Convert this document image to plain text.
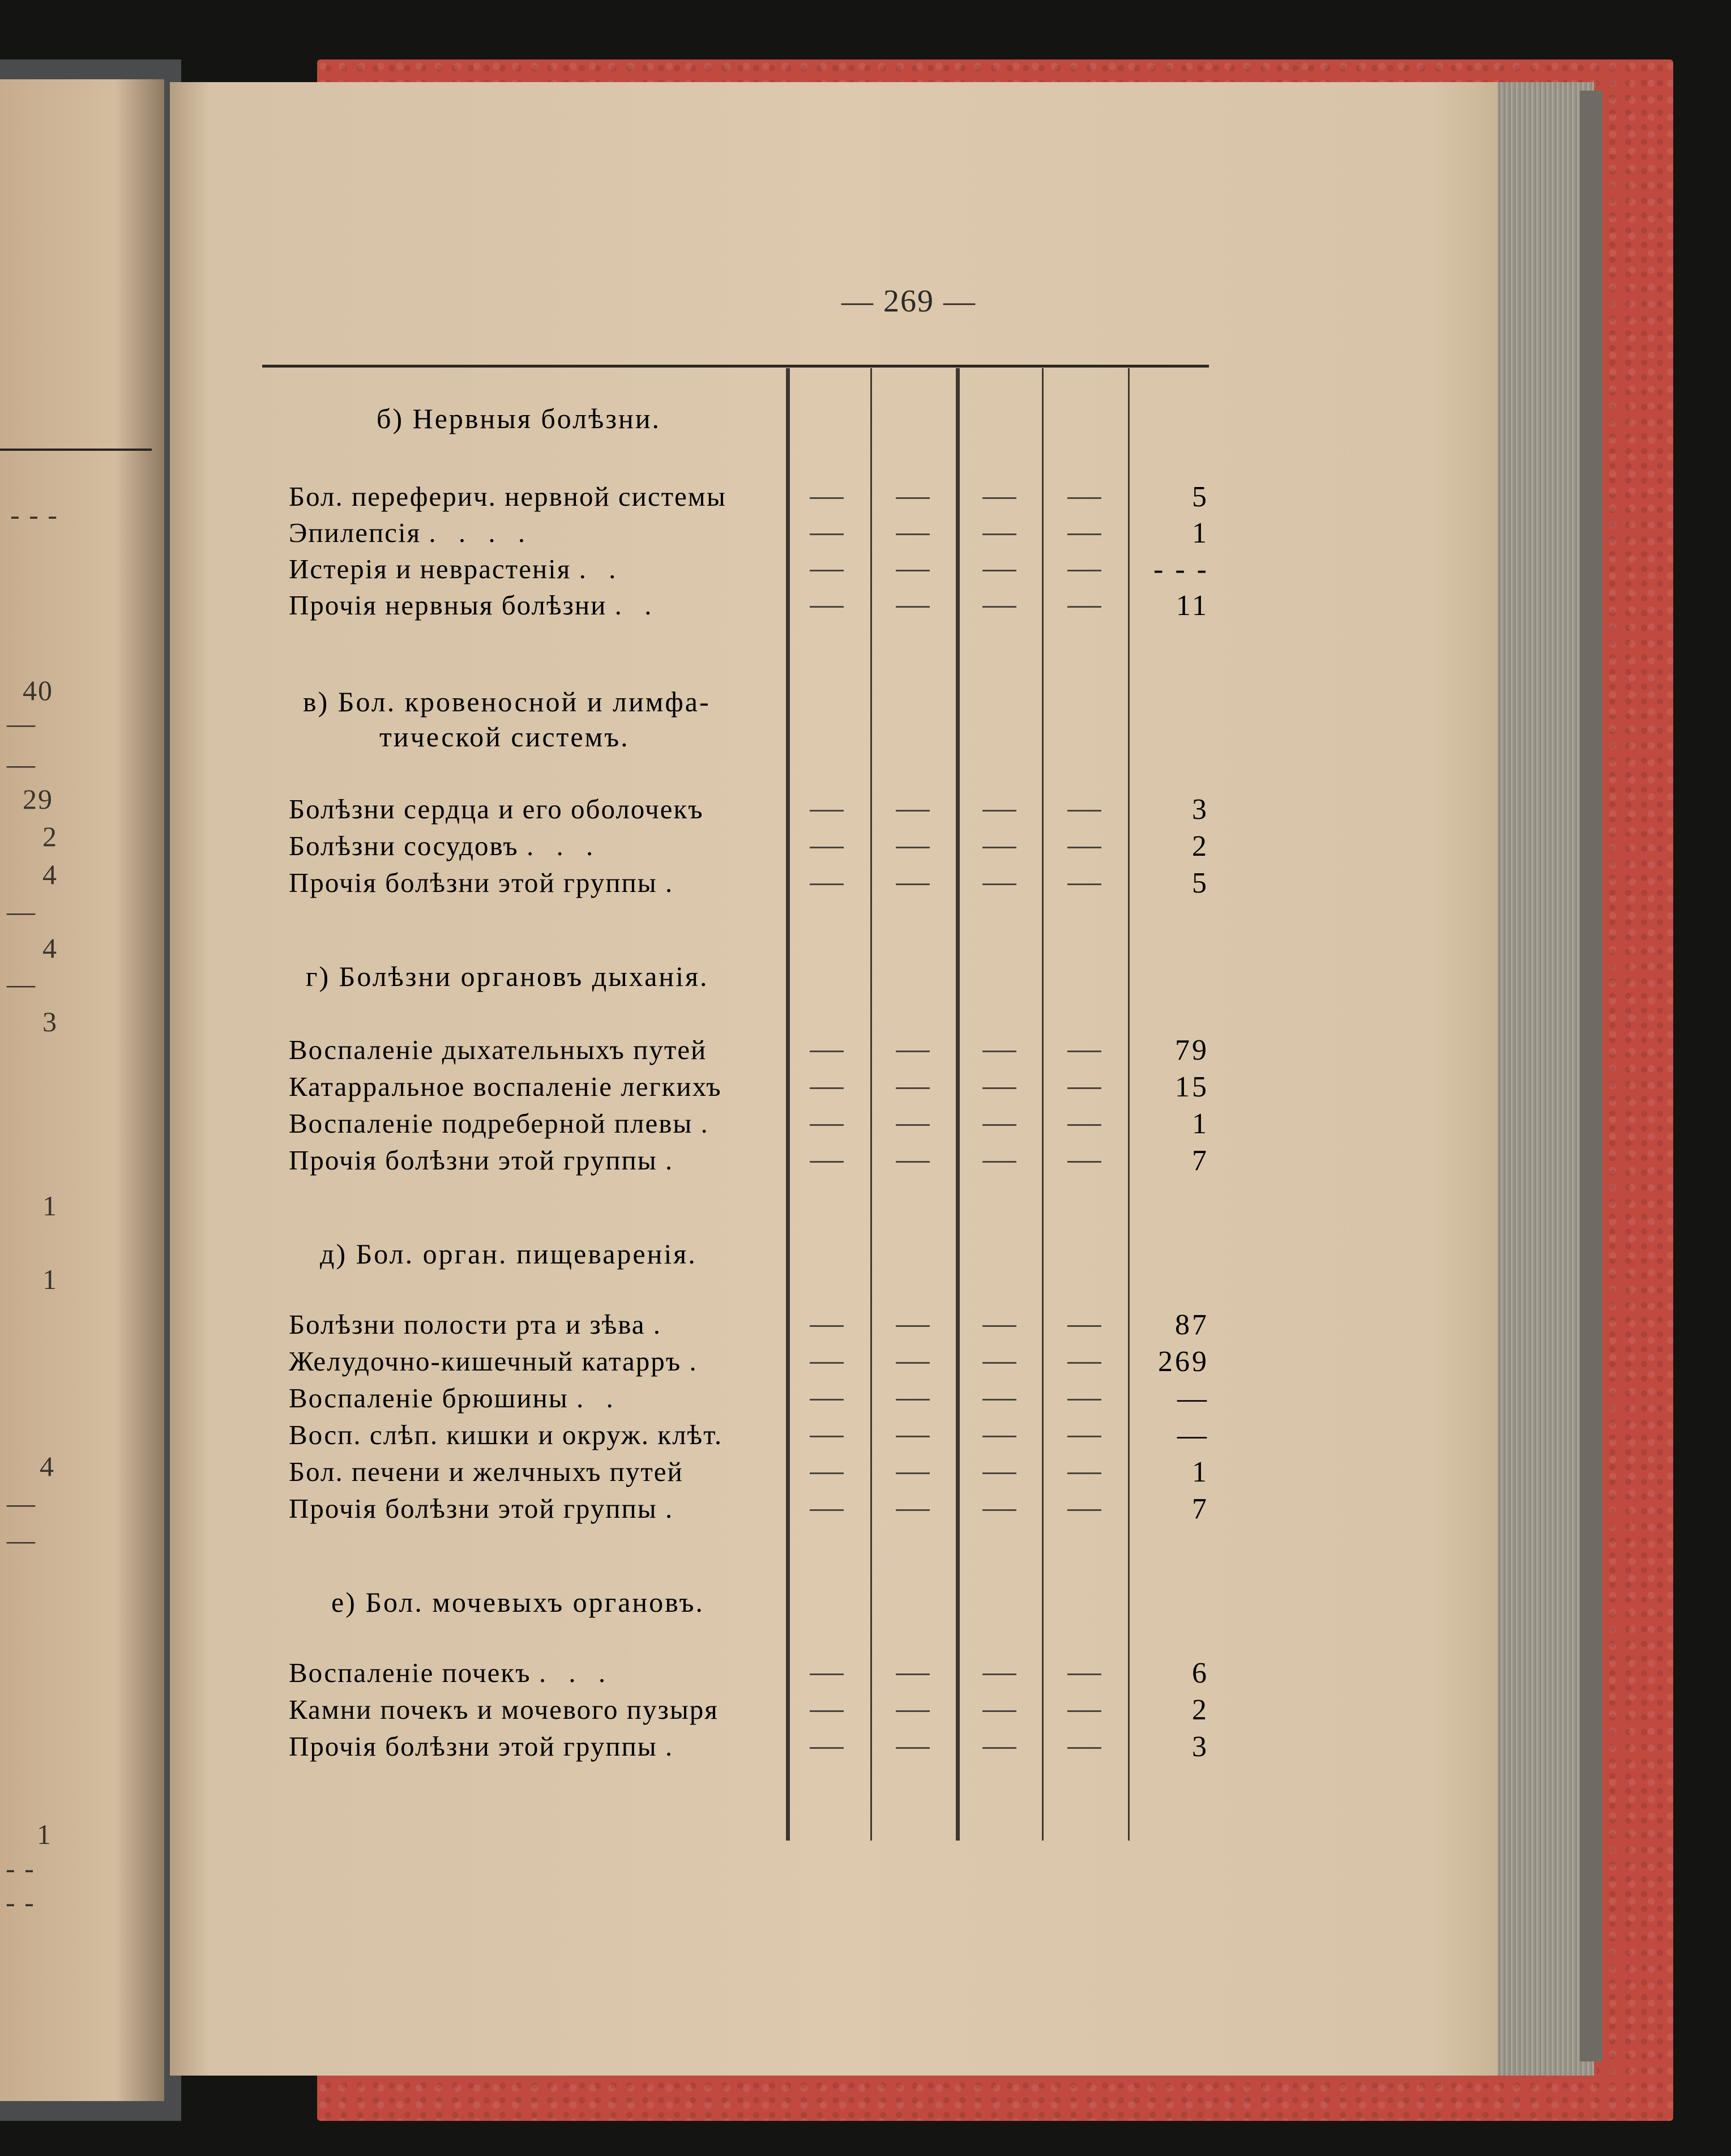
- - -
40
—
—
29
2
4
—
4
—
3
1
1
4
—
—
1
- -
- -
— 269 —
б) Нервныя болѣзни.
Бол. переферич. нервной системы
Эпилепсія . . . .
Истерія и неврастенія . .
Прочія нервныя болѣзни . .
5
1
- - -
11
в) Бол. кровеносной и лимфа-
тической системъ.
Болѣзни сердца и его оболочекъ
Болѣзни сосудовъ . . .
Прочія болѣзни этой группы .
3
2
5
г) Болѣзни органовъ дыханія.
Воспаленіе дыхательныхъ путей
Катарральное воспаленіе легкихъ
Воспаленіе подреберной плевы .
Прочія болѣзни этой группы .
79
15
1
7
д) Бол. орган. пищеваренія.
Болѣзни полости рта и зѣва .
Желудочно-кишечный катарръ .
Воспаленіе брюшины . .
Восп. слѣп. кишки и окруж. клѣт.
Бол. печени и желчныхъ путей
Прочія болѣзни этой группы .
87
269
—
—
1
7
е) Бол. мочевыхъ органовъ.
Воспаленіе почекъ . . .
Камни почекъ и мочевого пузыря
Прочія болѣзни этой группы .
6
2
3
